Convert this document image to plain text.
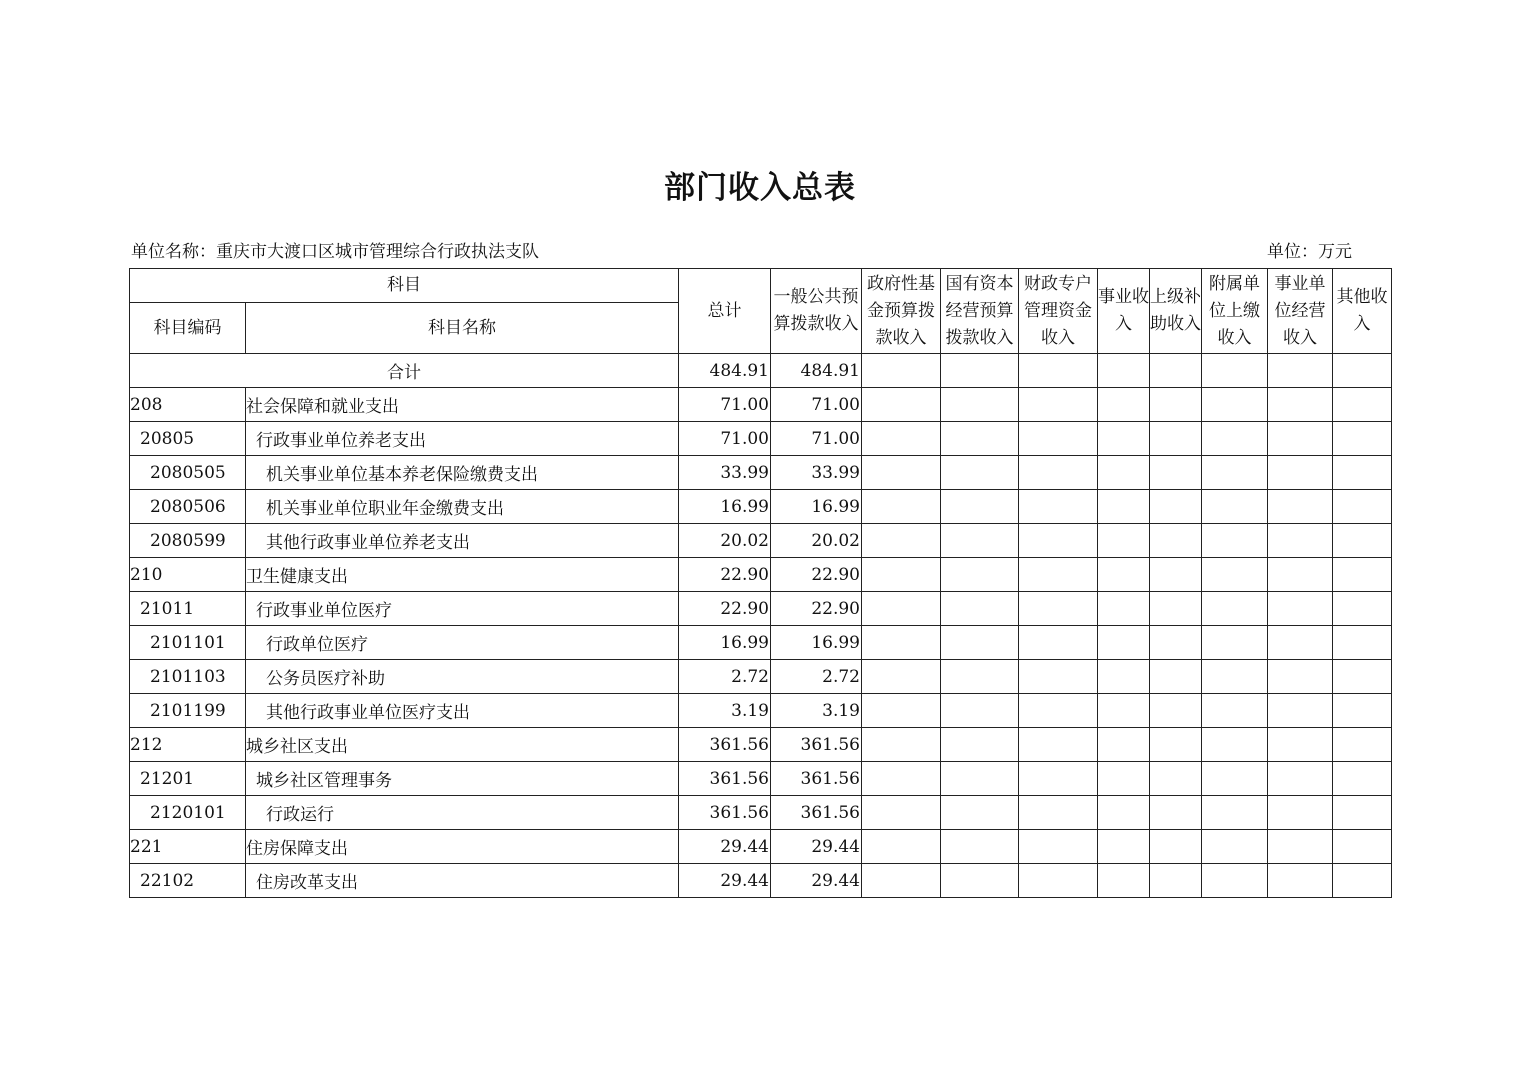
部门收入总表
单位名称：重庆市大渡口区城市管理综合行政执法支队	单位：万元
科目		总计	一般公共预算拨款收入	政府性基金预算拨款收入	国有资本经营预算拨款收入	财政专户管理资金收入	事业收入	上级补助收入	附属单位上缴收入	事业单位经营收入	其他收入
科目编码	科目名称										
合计		484.91	484.91								
208	社会保障和就业支出	71.00	71.00								
20805	行政事业单位养老支出	71.00	71.00								
2080505	机关事业单位基本养老保险缴费支出	33.99	33.99								
2080506	机关事业单位职业年金缴费支出	16.99	16.99								
2080599	其他行政事业单位养老支出	20.02	20.02								
210	卫生健康支出	22.90	22.90								
21011	行政事业单位医疗	22.90	22.90								
2101101	行政单位医疗	16.99	16.99								
2101103	公务员医疗补助	2.72	2.72								
2101199	其他行政事业单位医疗支出	3.19	3.19								
212	城乡社区支出	361.56	361.56								
21201	城乡社区管理事务	361.56	361.56								
2120101	行政运行	361.56	361.56								
221	住房保障支出	29.44	29.44								
22102	住房改革支出	29.44	29.44								
